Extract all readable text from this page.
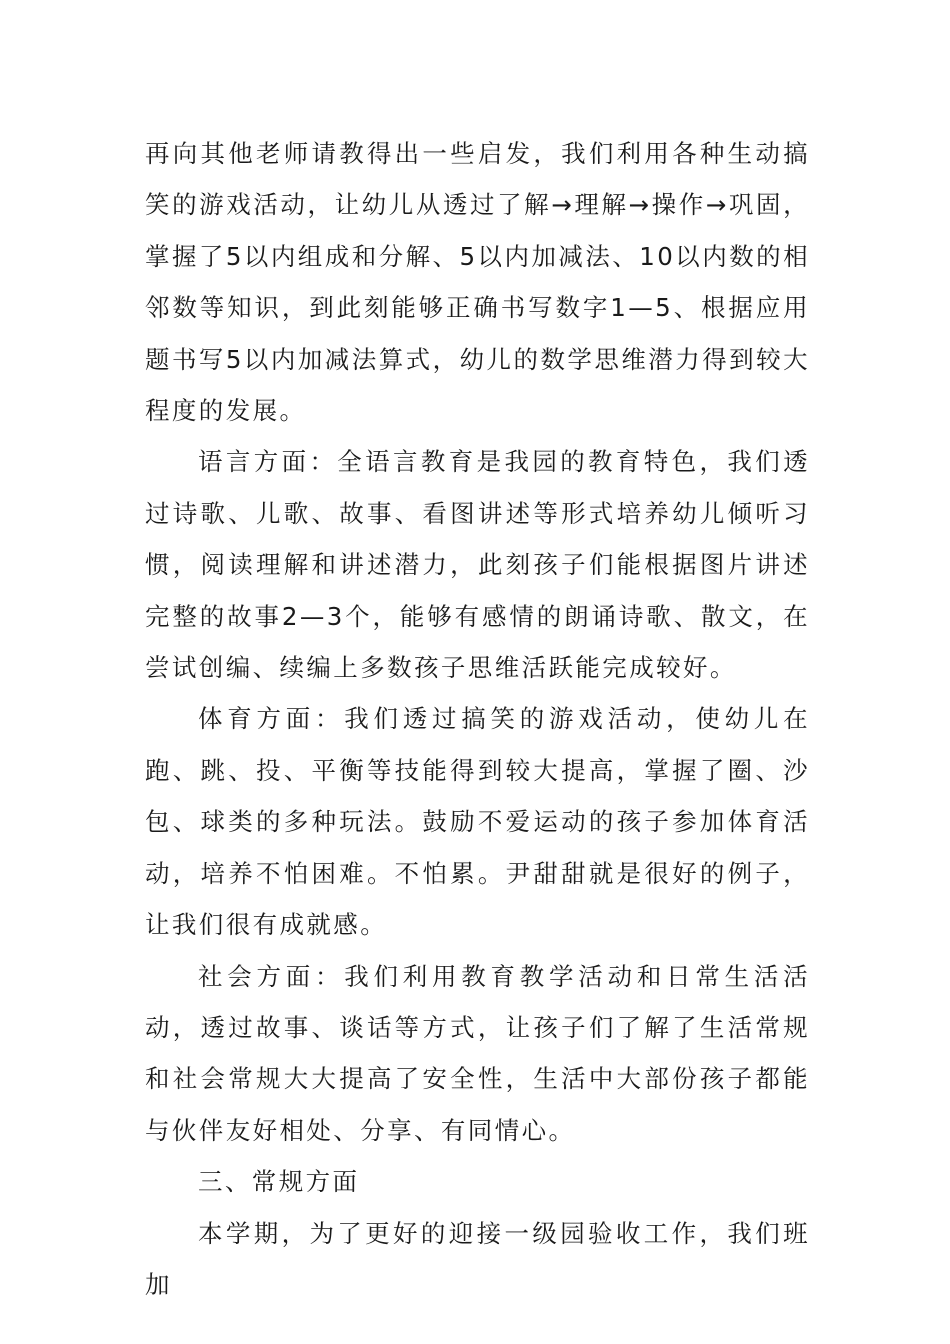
再向其他老师请教得出一些启发，我们利用各种生动搞笑的游戏活动，让幼儿从透过了解→理解→操作→巩固，掌握了5以内组成和分解、5以内加减法、10以内数的相邻数等知识，到此刻能够正确书写数字1—5、根据应用题书写5以内加减法算式，幼儿的数学思维潜力得到较大程度的发展。

语言方面：全语言教育是我园的教育特色，我们透过诗歌、儿歌、故事、看图讲述等形式培养幼儿倾听习惯，阅读理解和讲述潜力，此刻孩子们能根据图片讲述完整的故事2—3个，能够有感情的朗诵诗歌、散文，在尝试创编、续编上多数孩子思维活跃能完成较好。

体育方面：我们透过搞笑的游戏活动，使幼儿在跑、跳、投、平衡等技能得到较大提高，掌握了圈、沙包、球类的多种玩法。鼓励不爱运动的孩子参加体育活动，培养不怕困难。不怕累。尹甜甜就是很好的例子，让我们很有成就感。

社会方面：我们利用教育教学活动和日常生活活动，透过故事、谈话等方式，让孩子们了解了生活常规和社会常规大大提高了安全性，生活中大部份孩子都能与伙伴友好相处、分享、有同情心。

三、常规方面

本学期，为了更好的迎接一级园验收工作，我们班加
